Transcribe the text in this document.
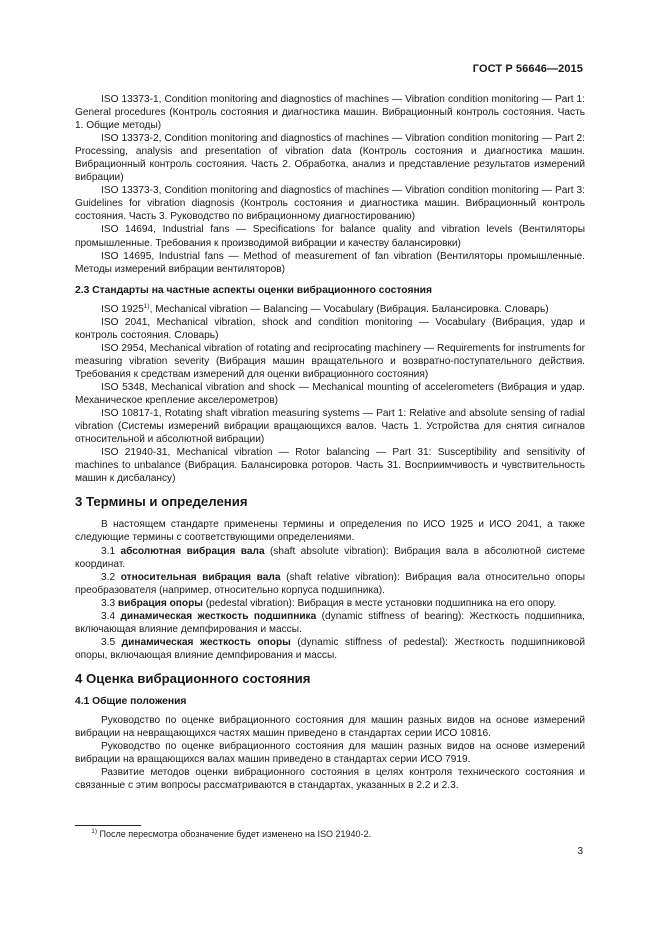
ГОСТ Р 56646—2015

ISO 13373-1, Condition monitoring and diagnostics of machines — Vibration condition monitoring — Part 1: General procedures (Контроль состояния и диагностика машин. Вибрационный контроль состояния. Часть 1. Общие методы)

ISO 13373-2, Condition monitoring and diagnostics of machines — Vibration condition monitoring — Part 2: Processing, analysis and presentation of vibration data (Контроль состояния и диагностика машин. Вибрационный контроль состояния. Часть 2. Обработка, анализ и представление результатов измерений вибрации)

ISO 13373-3, Condition monitoring and diagnostics of machines — Vibration condition monitoring — Part 3: Guidelines for vibration diagnosis (Контроль состояния и диагностика машин. Вибрационный контроль состояния. Часть 3. Руководство по вибрационному диагностированию)

ISO 14694, Industrial fans — Specifications for balance quality and vibration levels (Вентиляторы промышленные. Требования к производимой вибрации и качеству балансировки)

ISO 14695, Industrial fans — Method of measurement of fan vibration (Вентиляторы промышленные. Методы измерений вибрации вентиляторов)

2.3 Стандарты на частные аспекты оценки вибрационного состояния

ISO 1925$^{1)}$, Mechanical vibration — Balancing — Vocabulary (Вибрация. Балансировка. Словарь)

ISO 2041, Mechanical vibration, shock and condition monitoring — Vocabulary (Вибрация, удар и контроль состояния. Словарь)

ISO 2954, Mechanical vibration of rotating and reciprocating machinery — Requirements for instruments for measuring vibration severity (Вибрация машин вращательного и возвратно-поступательного действия. Требования к средствам измерений для оценки вибрационного состояния)

ISO 5348, Mechanical vibration and shock — Mechanical mounting of accelerometers (Вибрация и удар. Механическое крепление акселерометров)

ISO 10817-1, Rotating shaft vibration measuring systems — Part 1: Relative and absolute sensing of radial vibration (Системы измерений вибрации вращающихся валов. Часть 1. Устройства для снятия сигналов относительной и абсолютной вибрации)

ISO 21940-31, Mechanical vibration — Rotor balancing — Part 31: Susceptibility and sensitivity of machines to unbalance (Вибрация. Балансировка роторов. Часть 31. Восприимчивость и чувствительность машин к дисбалансу)

3 Термины и определения

В настоящем стандарте применены термины и определения по ИСО 1925 и ИСО 2041, а также следующие термины с соответствующими определениями.

3.1 абсолютная вибрация вала (shaft absolute vibration): Вибрация вала в абсолютной системе координат.

3.2 относительная вибрация вала (shaft relative vibration): Вибрация вала относительно опоры преобразователя (например, относительно корпуса подшипника).

3.3 вибрация опоры (pedestal vibration): Вибрация в месте установки подшипника на его опору.

3.4 динамическая жесткость подшипника (dynamic stiffness of bearing): Жесткость подшипника, включающая влияние демпфирования и массы.

3.5 динамическая жесткость опоры (dynamic stiffness of pedestal): Жесткость подшипниковой опоры, включающая влияние демпфирования и массы.

4 Оценка вибрационного состояния
4.1 Общие положения

Руководство по оценке вибрационного состояния для машин разных видов на основе измерений вибрации на невращающихся частях машин приведено в стандартах серии ИСО 10816.

Руководство по оценке вибрационного состояния для машин разных видов на основе измерений вибрации на вращающихся валах машин приведено в стандартах серии ИСО 7919.

Развитие методов оценки вибрационного состояния в целях контроля технического состояния и связанные с этим вопросы рассматриваются в стандартах, указанных в 2.2 и 2.3.

$^{1)}$ После пересмотра обозначение будет изменено на ISO 21940-2.
3
